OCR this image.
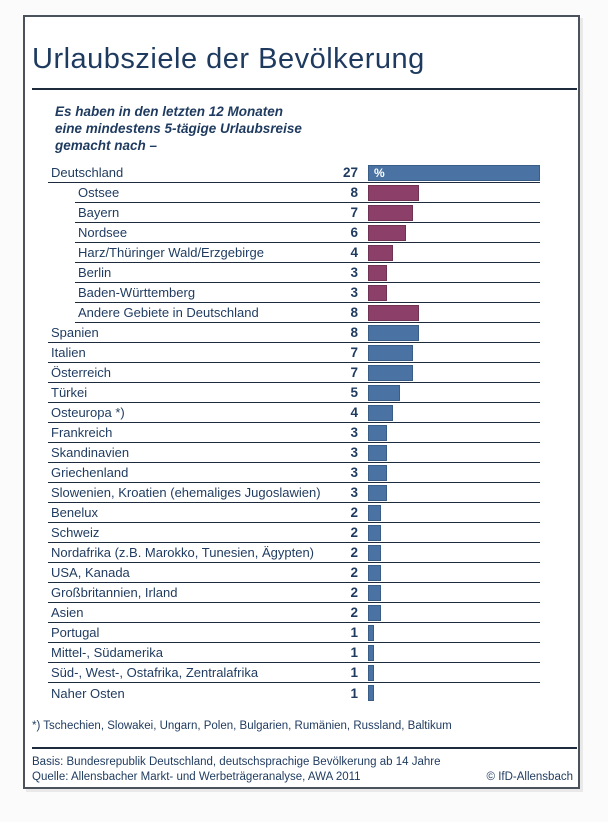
Urlaubsziele der Bevölkerung
Es haben in den letzten 12 Monaten
eine mindestens 5-tägige Urlaubsreise
gemacht nach –
Deutschland	27	%
Ostsee	8
Bayern	7
Nordsee	6
Harz/Thüringer Wald/Erzgebirge	4
Berlin	3
Baden-Württemberg	3
Andere Gebiete in Deutschland	8
Spanien	8
Italien	7
Österreich	7
Türkei	5
Osteuropa *)	4
Frankreich	3
Skandinavien	3
Griechenland	3
Slowenien, Kroatien (ehemaliges Jugoslawien)	3
Benelux	2
Schweiz	2
Nordafrika (z.B. Marokko, Tunesien, Ägypten)	2
USA, Kanada	2
Großbritannien, Irland	2
Asien	2
Portugal	1
Mittel-, Südamerika	1
Süd-, West-, Ostafrika, Zentralafrika	1
Naher Osten	1
*) Tschechien, Slowakei, Ungarn, Polen, Bulgarien, Rumänien, Russland, Baltikum
Basis: Bundesrepublik Deutschland, deutschsprachige Bevölkerung ab 14 Jahre
Quelle: Allensbacher Markt- und Werbeträgeranalyse, AWA 2011	© IfD-Allensbach
